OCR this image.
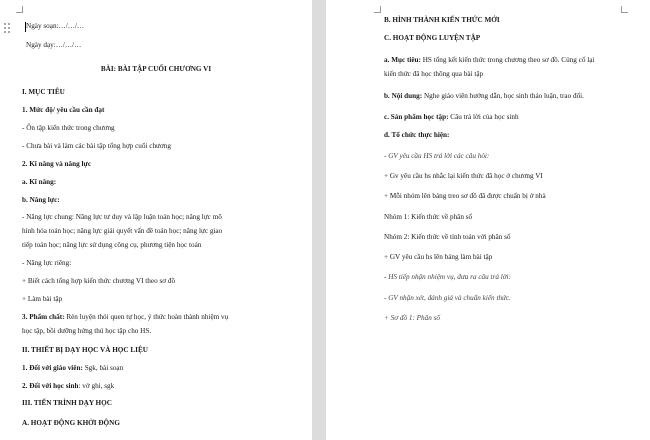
Ngày soạn:…/…/…
Ngày dạy:…/…/…
BÀI: BÀI TẬP CUỐI CHƯƠNG VI
I. MỤC TIÊU
1. Mức độ/ yêu cầu cần đạt
- Ôn tập kiến thức trong chương
- Chưa bài và làm các bài tập tổng hợp cuối chương
2. Kĩ năng và năng lực
a. Kĩ năng:
b. Năng lực:
- Năng lực chung: Năng lực tư duy và lập luận toán học; năng lực mô
hình hóa toán học; năng lực giải quyết vấn đề toán học; năng lực giao
tiếp toán học; năng lực sử dụng công cụ, phương tiện học toán
- Năng lực riêng:
+ Biết cách tổng hợp kiến thức chương VI theo sơ đồ
+ Làm bài tập
3. Phẩm chất: Rèn luyện thói quen tự học, ý thức hoàn thành nhiệm vụ
học tập, bồi dưỡng hứng thú học tập cho HS.
II. THIẾT BỊ DẠY HỌC VÀ HỌC LIỆU
1. Đối với giáo viên: Sgk, bài soạn
2. Đối với học sinh: vở ghi, sgk
III. TIẾN TRÌNH DẠY HỌC
A. HOẠT ĐỘNG KHỞI ĐỘNG
B. HÌNH THÀNH KIẾN THỨC MỚI
C. HOẠT ĐỘNG LUYỆN TẬP
a. Mục tiêu: HS tổng kết kiến thức trong chương theo sơ đồ. Củng cố lại
kiến thức đã học thông qua bài tập
b. Nội dung: Nghe giáo viên hướng dẫn, học sinh thảo luận, trao đổi.
c. Sản phẩm học tập: Câu trả lời của học sinh
d. Tổ chức thực hiện:
- GV yêu cầu HS trả lời các câu hỏi:
+ Gv yêu cầu hs nhắc lại kiến thức đã học ở chương VI
+ Mỗi nhóm lên bảng treo sơ đồ đã được chuẩn bị ở nhà
Nhóm 1: Kiến thức về phân số
Nhóm 2: Kiến thức về tính toán với phân số
+ GV yêu cầu hs lên bảng làm bài tập
- HS tiếp nhận nhiệm vụ, đưa ra câu trả lời:
- GV nhận xét, đánh giá và chuẩn kiến thức.
+ Sơ đồ 1: Phân số
